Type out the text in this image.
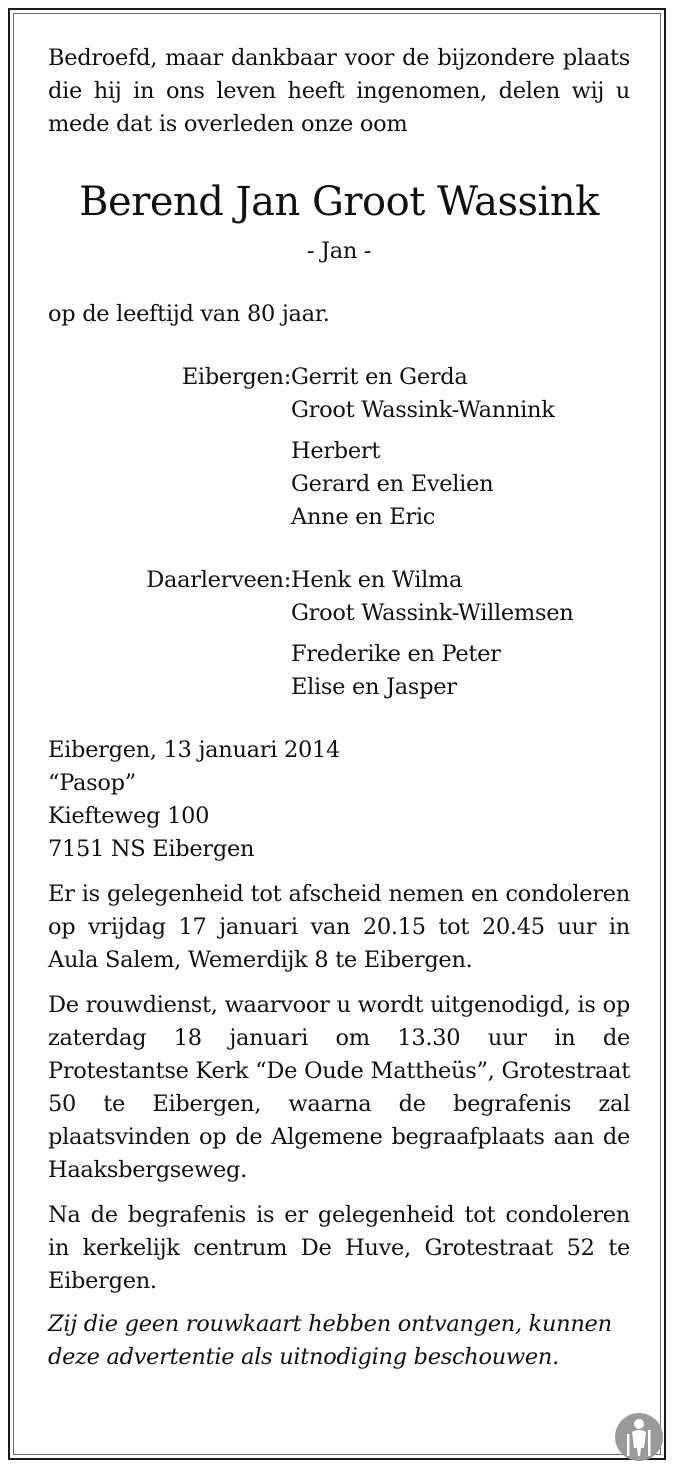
Bedroefd, maar dankbaar voor de bijzondere plaats die hij in ons leven heeft ingenomen, delen wij u mede dat is overleden onze oom

Berend Jan Groot Wassink

- Jan -

op de leeftijd van 80 jaar.

Eibergen: Gerrit en Gerda

Groot Wassink-Wannink

Herbert

Gerard en Evelien

Anne en Eric

Daarlerveen: Henk en Wilma

Groot Wassink-Willemsen

Frederike en Peter

Elise en Jasper

Eibergen, 13 januari 2014

“Pasop”

Kiefteweg 100

7151 NS Eibergen

Er is gelegenheid tot afscheid nemen en condoleren op vrijdag 17 januari van 20.15 tot 20.45 uur in Aula Salem, Wemerdijk 8 te Eibergen.

De rouwdienst, waarvoor u wordt uitgenodigd, is op zaterdag 18 januari om 13.30 uur in de Protestantse Kerk “De Oude Mattheüs”, Grotestraat 50 te Eibergen, waarna de begrafenis zal plaatsvinden op de Algemene begraafplaats aan de Haaksbergseweg.

Na de begrafenis is er gelegenheid tot condoleren in kerkelijk centrum De Huve, Grotestraat 52 te Eibergen.

Zij die geen rouwkaart hebben ontvangen, kunnen deze advertentie als uitnodiging beschouwen.
